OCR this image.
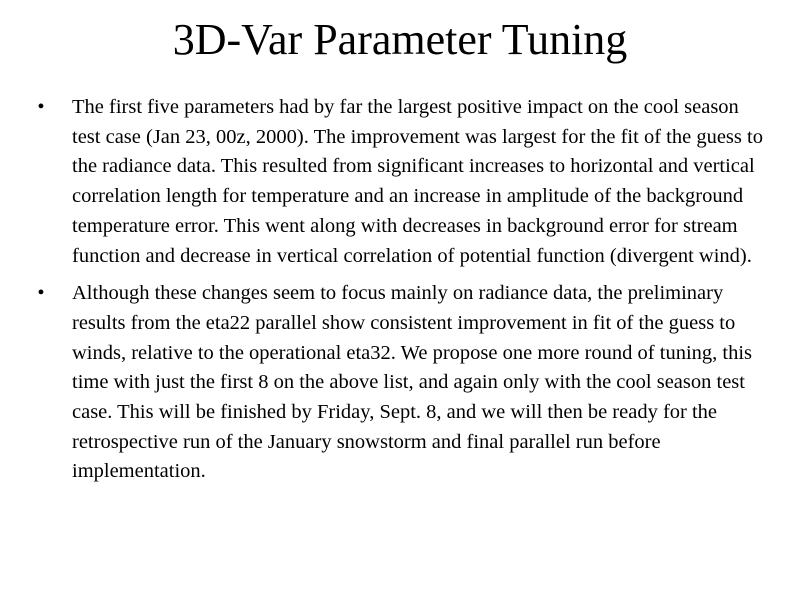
3D-Var Parameter Tuning
• The first five parameters had by far the largest positive impact on the cool season test case (Jan 23, 00z, 2000). The improvement was largest for the fit of the guess to the radiance data. This resulted from significant increases to horizontal and vertical correlation length for temperature and an increase in amplitude of the background temperature error. This went along with decreases in background error for stream function and decrease in vertical correlation of potential function (divergent wind).
• Although these changes seem to focus mainly on radiance data, the preliminary results from the eta22 parallel show consistent improvement in fit of the guess to winds, relative to the operational eta32. We propose one more round of tuning, this time with just the first 8 on the above list, and again only with the cool season test case. This will be finished by Friday, Sept. 8, and we will then be ready for the retrospective run of the January snowstorm and final parallel run before implementation.
